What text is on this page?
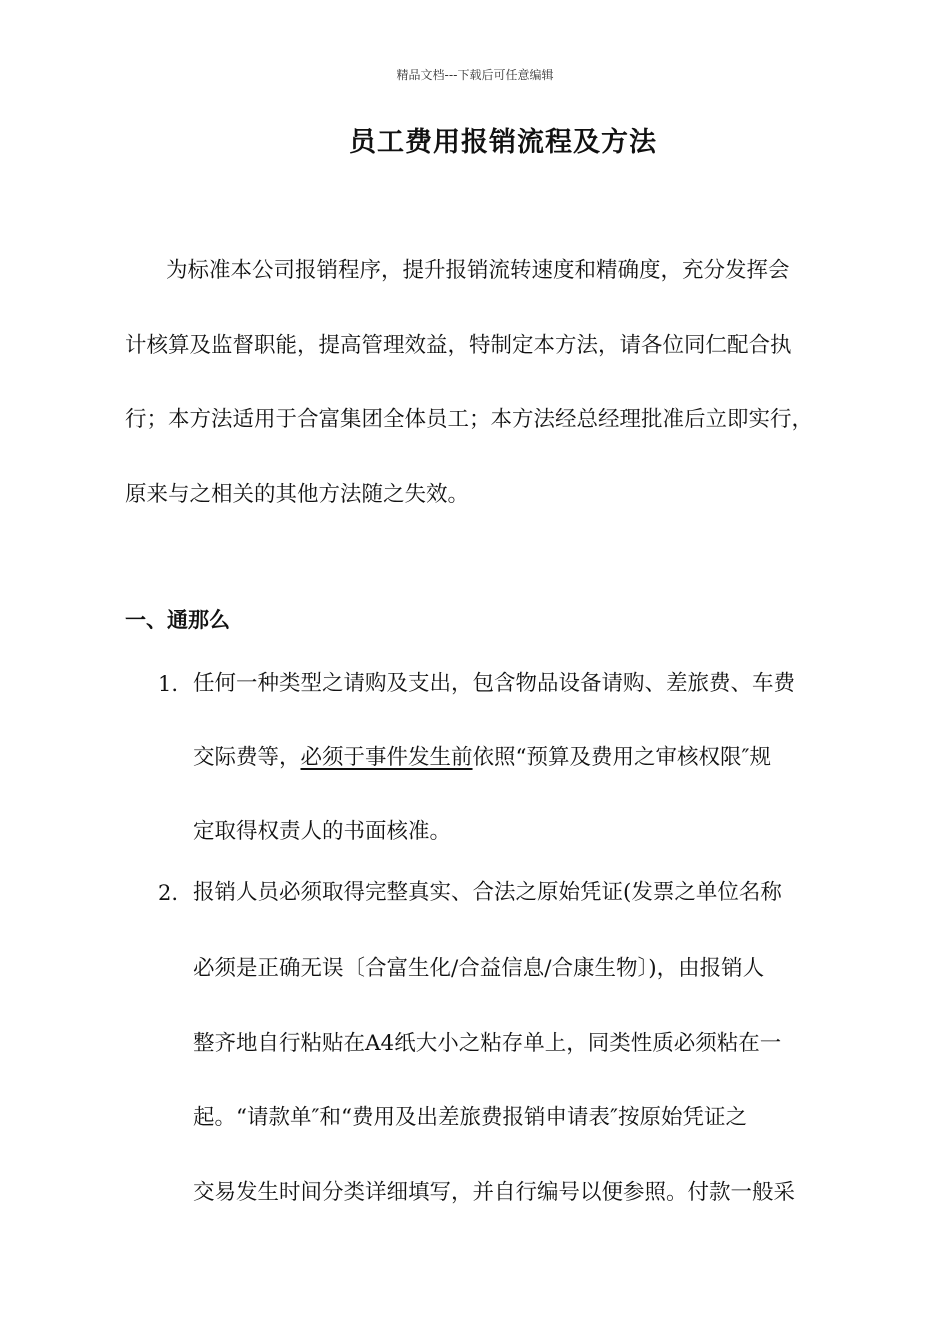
精品文档---下载后可任意编辑
员工费用报销流程及方法
为标准本公司报销程序，提升报销流转速度和精确度，充分发挥会
计核算及监督职能，提高管理效益，特制定本方法，请各位同仁配合执
行；本方法适用于合富集团全体员工；本方法经总经理批准后立即实行，
原来与之相关的其他方法随之失效。
一、通那么
1. 任何一种类型之请购及支出，包含物品设备请购、差旅费、车费
交际费等，必须于事件发生前依照“预算及费用之审核权限″规
定取得权责人的书面核准。
2. 报销人员必须取得完整真实、合法之原始凭证(发票之单位名称
必须是正确无误〔合富生化/合益信息/合康生物〕)，由报销人
整齐地自行粘贴在A4纸大小之粘存单上，同类性质必须粘在一
起。“请款单″和“费用及出差旅费报销申请表″按原始凭证之
交易发生时间分类详细填写，并自行编号以便参照。付款一般采
